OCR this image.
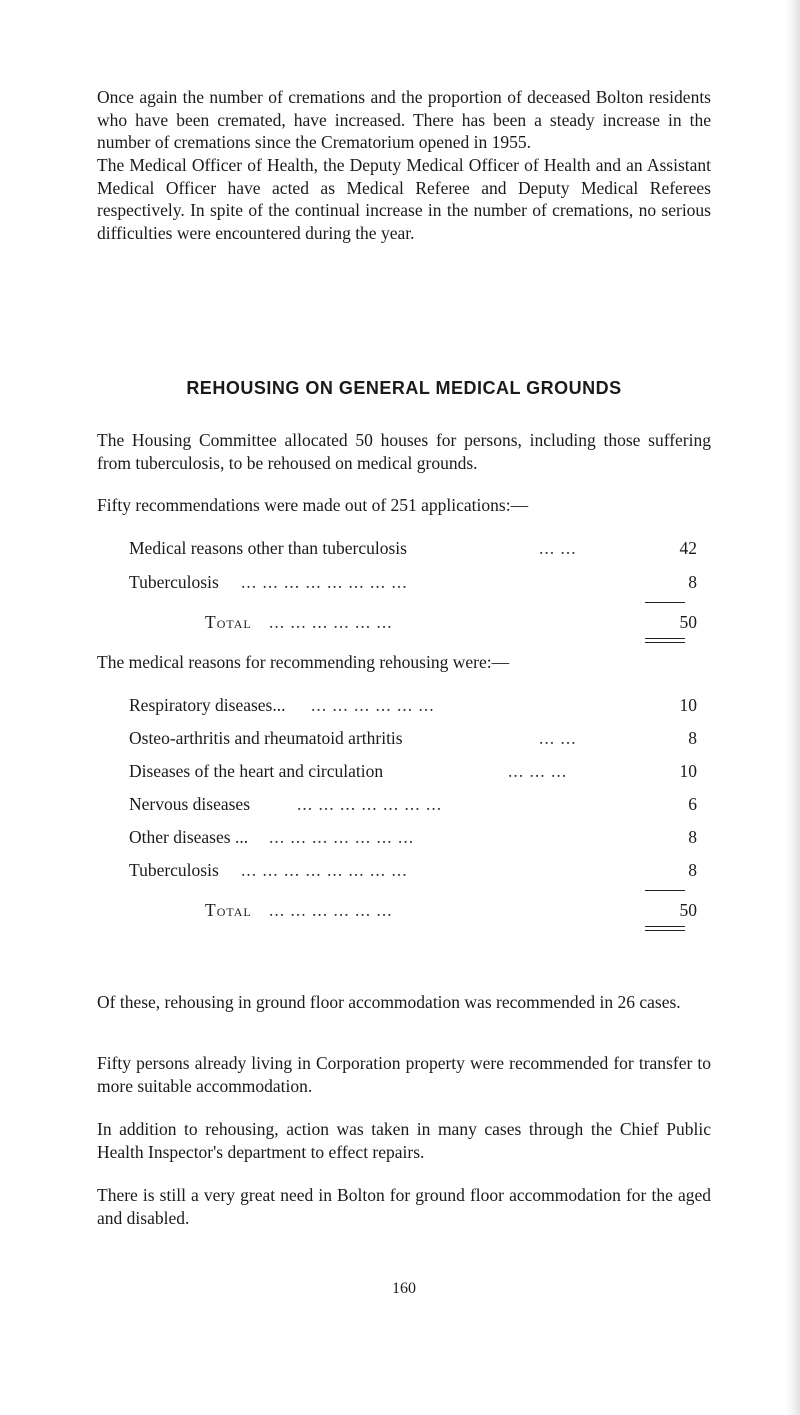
Once again the number of cremations and the proportion of deceased Bolton residents who have been cremated, have increased. There has been a steady increase in the number of cremations since the Crematorium opened in 1955.

The Medical Officer of Health, the Deputy Medical Officer of Health and an Assistant Medical Officer have acted as Medical Referee and Deputy Medical Referees respectively. In spite of the continual increase in the number of cremations, no serious difficulties were encountered during the year.

REHOUSING ON GENERAL MEDICAL GROUNDS

The Housing Committee allocated 50 houses for persons, including those suffering from tuberculosis, to be rehoused on medical grounds.

Fifty recommendations were made out of 251 applications:—
Medical reasons other than tuberculosis	... ...	42
Tuberculosis ... ... ... ... ... ... ... ...	8
Total ... ... ... ... ... ...	50
The medical reasons for recommending rehousing were:—
Respiratory diseases... ... ... ... ... ... ...	10
Osteo-arthritis and rheumatoid arthritis	... ...	8
Diseases of the heart and circulation	... ... ...	10
Nervous diseases	... ... ... ... ... ... ...	6
Other diseases ... ... ... ... ... ... ... ...	8
Tuberculosis ... ... ... ... ... ... ... ...	8
Total ... ... ... ... ... ...	50

Of these, rehousing in ground floor accommodation was recommended in 26 cases.

Fifty persons already living in Corporation property were recommended for transfer to more suitable accommodation.

In addition to rehousing, action was taken in many cases through the Chief Public Health Inspector's department to effect repairs.

There is still a very great need in Bolton for ground floor accommodation for the aged and disabled.

160
